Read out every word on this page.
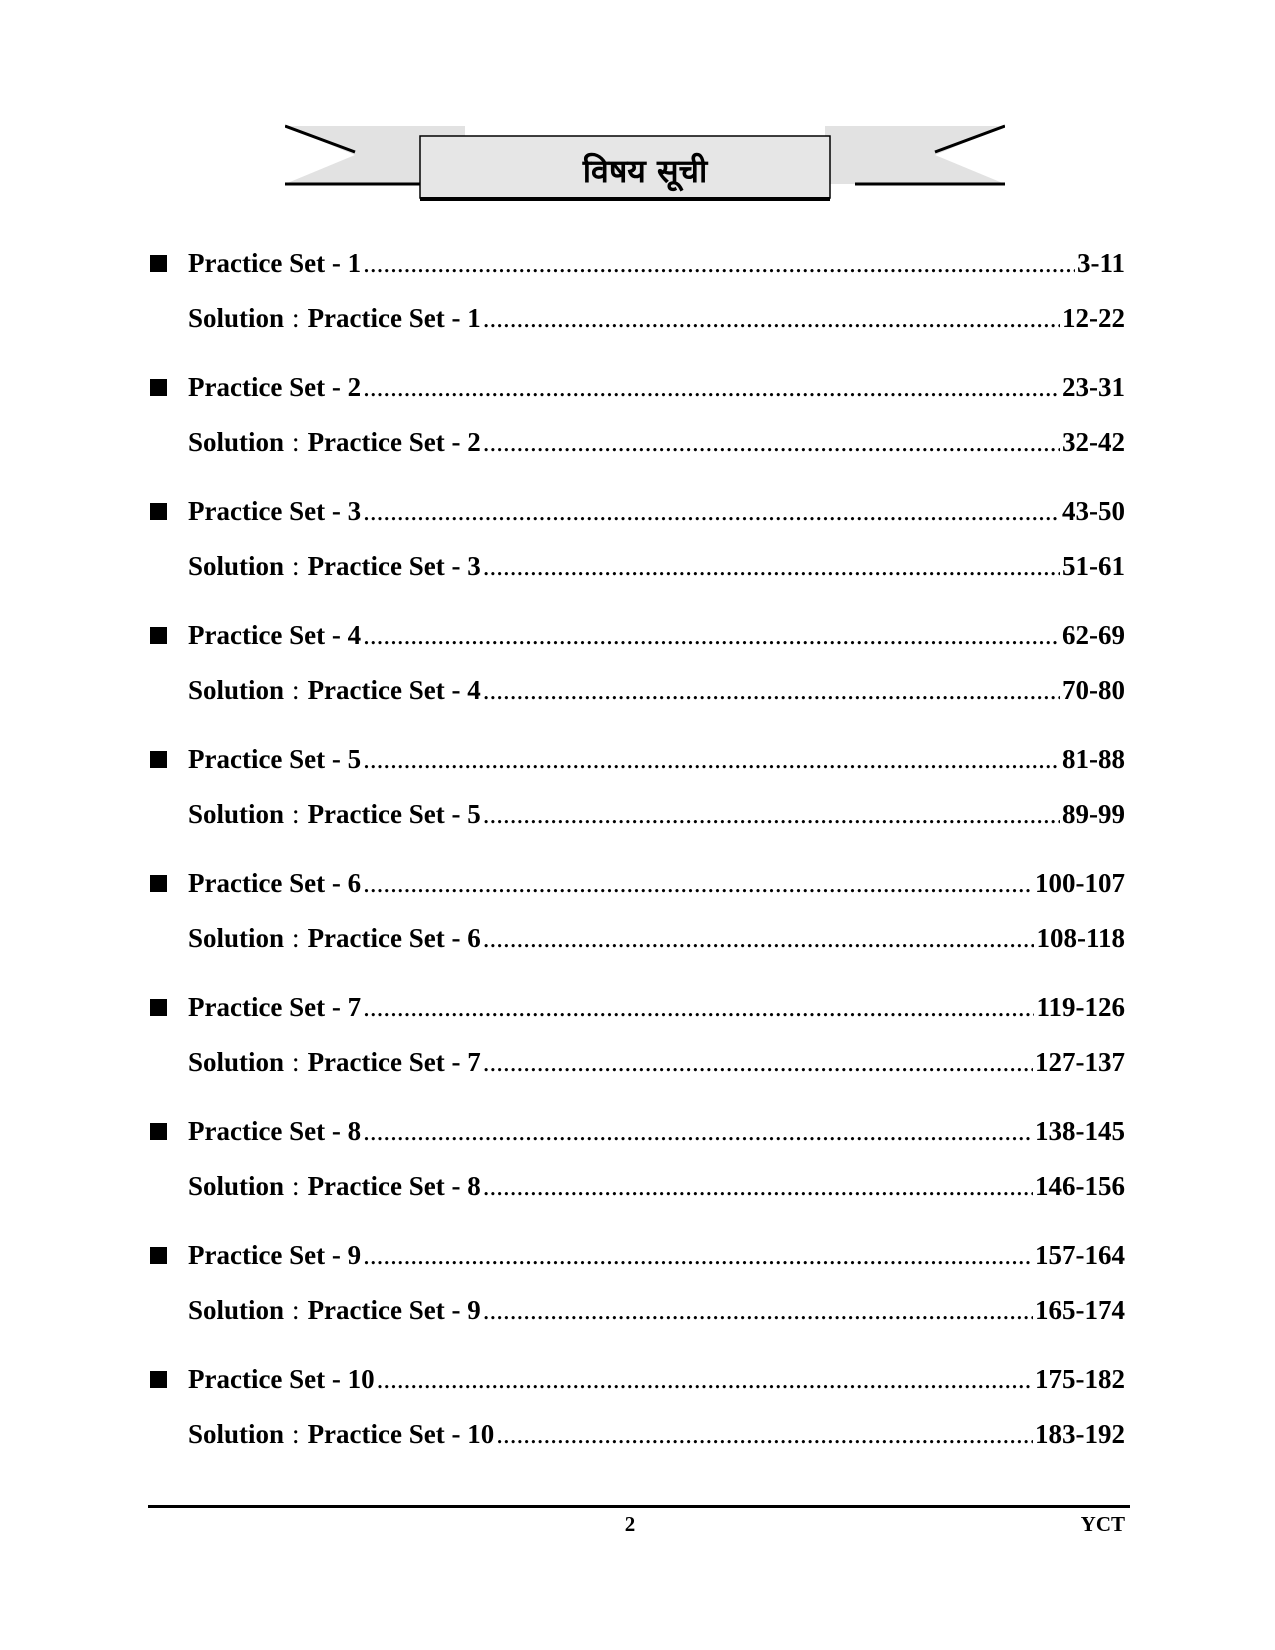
विषय सूची
Practice Set - 1 .....	3-11
Solution : Practice Set - 1 .....	12-22
Practice Set - 2 .....	23-31
Solution : Practice Set - 2 .....	32-42
Practice Set - 3 .....	43-50
Solution : Practice Set - 3 .....	51-61
Practice Set - 4 .....	62-69
Solution : Practice Set - 4 .....	70-80
Practice Set - 5 .....	81-88
Solution : Practice Set - 5 .....	89-99
Practice Set - 6 .....	100-107
Solution : Practice Set - 6 .....	108-118
Practice Set - 7 .....	119-126
Solution : Practice Set - 7 .....	127-137
Practice Set - 8 .....	138-145
Solution : Practice Set - 8 .....	146-156
Practice Set - 9 .....	157-164
Solution : Practice Set - 9 .....	165-174
Practice Set - 10 .....	175-182
Solution : Practice Set - 10 .....	183-192
2	YCT
